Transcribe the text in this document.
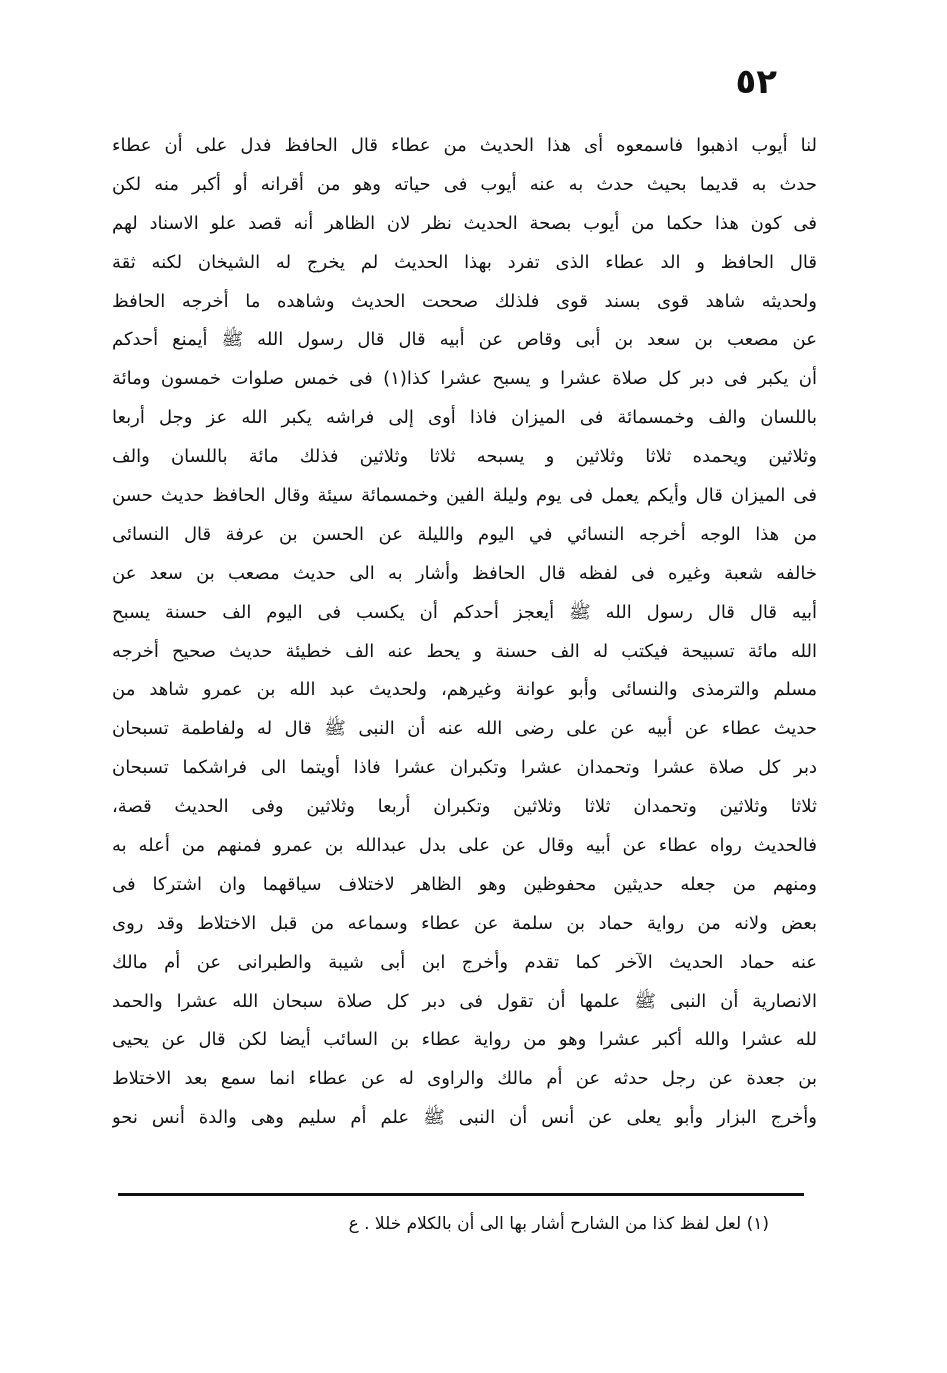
٥٢
لنا أيوب اذهبوا فاسمعوه أى هذا الحديث من عطاء قال الحافظ فدل على أن عطاء
حدث به قديما بحيث حدث به عنه أيوب فى حياته وهو من أقرانه أو أكبر منه لكن
فى كون هذا حكما من أيوب بصحة الحديث نظر لان الظاهر أنه قصد علو الاسناد لهم
قال الحافظ و الد عطاء الذى تفرد بهذا الحديث لم يخرج له الشيخان لكنه ثقة
ولحديثه شاهد قوى بسند قوى فلذلك صححت الحديث وشاهده ما أخرجه الحافظ
عن مصعب بن سعد بن أبى وقاص عن أبيه قال قال رسول الله ﷺ أيمنع أحدكم
أن يكبر فى دبر كل صلاة عشرا و يسبح عشرا كذا(١) فى خمس صلوات خمسون ومائة
باللسان والف وخمسمائة فى الميزان فاذا أوى إلى فراشه يكبر الله عز وجل أربعا
وثلاثين ويحمده ثلاثا وثلاثين و يسبحه ثلاثا وثلاثين فذلك مائة باللسان والف
فى الميزان قال وأيكم يعمل فى يوم وليلة الفين وخمسمائة سيئة وقال الحافظ حديث حسن
من هذا الوجه أخرجه النسائي في اليوم والليلة عن الحسن بن عرفة قال النسائى
خالفه شعبة وغيره فى لفظه قال الحافظ وأشار به الى حديث مصعب بن سعد عن
أبيه قال قال رسول الله ﷺ أيعجز أحدكم أن يكسب فى اليوم الف حسنة يسبح
الله مائة تسبيحة فيكتب له الف حسنة و يحط عنه الف خطيئة حديث صحيح أخرجه
مسلم والترمذى والنسائى وأبو عوانة وغيرهم، ولحديث عبد الله بن عمرو شاهد من
حديث عطاء عن أبيه عن على رضى الله عنه أن النبى ﷺ قال له ولفاطمة تسبحان
دبر كل صلاة عشرا وتحمدان عشرا وتكبران عشرا فاذا أويتما الى فراشكما تسبحان
ثلاثا وثلاثين وتحمدان ثلاثا وثلاثين وتكبران أربعا وثلاثين وفى الحديث قصة،
فالحديث رواه عطاء عن أبيه وقال عن على بدل عبدالله بن عمرو فمنهم من أعله به
ومنهم من جعله حديثين محفوظين وهو الظاهر لاختلاف سياقهما وان اشتركا فى
بعض ولانه من رواية حماد بن سلمة عن عطاء وسماعه من قبل الاختلاط وقد روى
عنه حماد الحديث الآخر كما تقدم وأخرج ابن أبى شيبة والطبرانى عن أم مالك
الانصارية أن النبى ﷺ علمها أن تقول فى دبر كل صلاة سبحان الله عشرا والحمد
لله عشرا والله أكبر عشرا وهو من رواية عطاء بن السائب أيضا لكن قال عن يحيى
بن جعدة عن رجل حدثه عن أم مالك والراوى له عن عطاء انما سمع بعد الاختلاط
وأخرج البزار وأبو يعلى عن أنس أن النبى ﷺ علم أم سليم وهى والدة أنس نحو
(١) لعل لفظ كذا من الشارح أشار بها الى أن بالكلام خللا . ع
